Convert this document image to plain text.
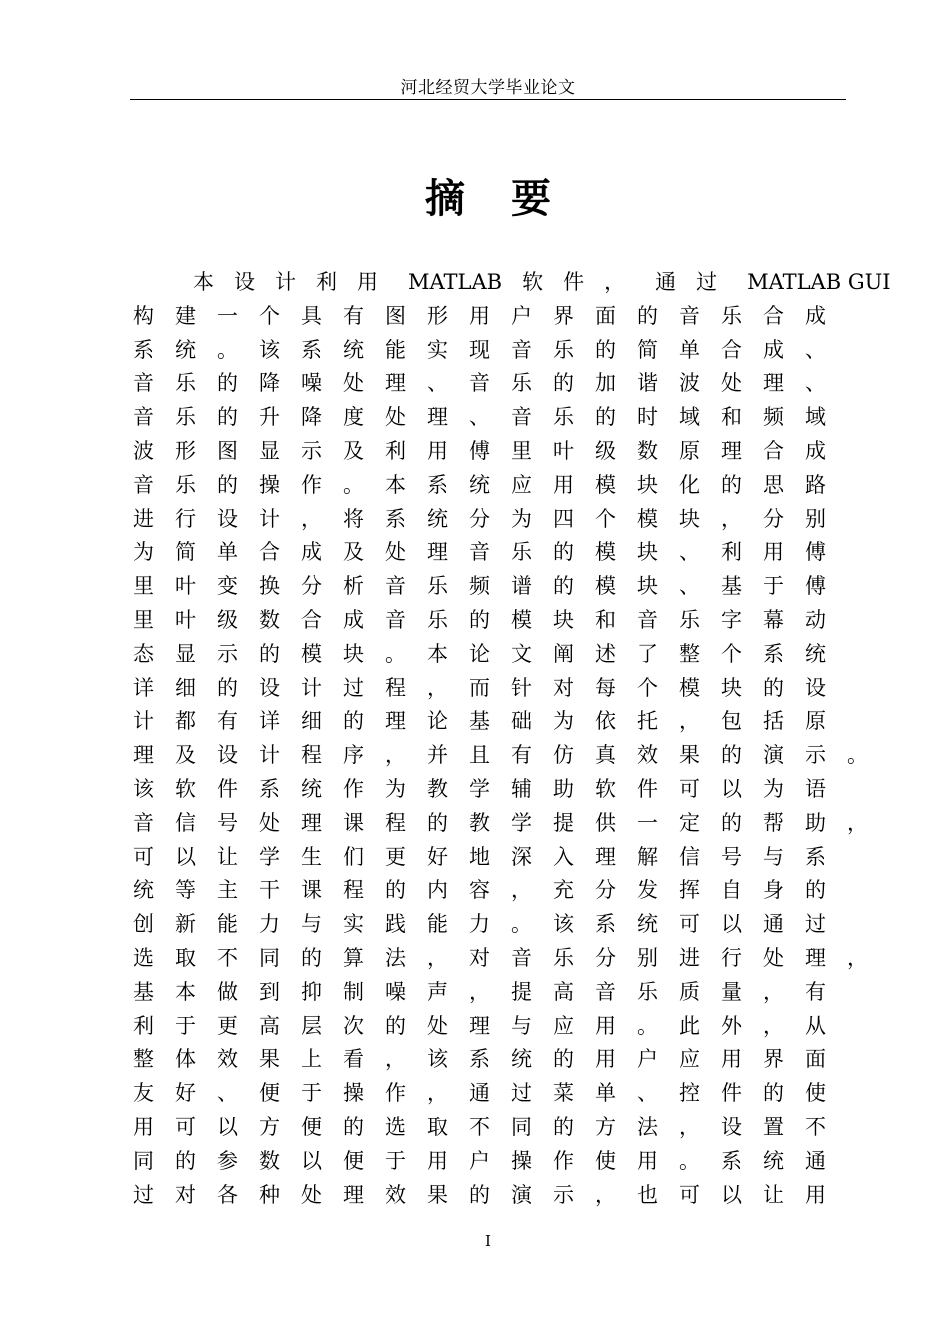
河北经贸大学毕业论文
摘 要
本 设 计 利 用 MATLAB 软 件 ， 通 过 MATLAB GUI
构	建	一	个	具	有	图	形	用	户	界	面	的	音	乐	合	成
系	统	。	该	系	统	能	实	现	音	乐	的	简	单	合	成	、
音	乐	的	降	噪	处	理	、	音	乐	的	加	谐	波	处	理	、
音	乐	的	升	降	度	处	理	、	音	乐	的	时	域	和	频	域
波	形	图	显	示	及	利	用	傅	里	叶	级	数	原	理	合	成
音	乐	的	操	作	。	本	系	统	应	用	模	块	化	的	思	路
进	行	设	计	，	将	系	统	分	为	四	个	模	块	，	分	别
为	简	单	合	成	及	处	理	音	乐	的	模	块	、	利	用	傅
里	叶	变	换	分	析	音	乐	频	谱	的	模	块	、	基	于	傅
里	叶	级	数	合	成	音	乐	的	模	块	和	音	乐	字	幕	动
态	显	示	的	模	块	。	本	论	文	阐	述	了	整	个	系	统
详	细	的	设	计	过	程	，	而	针	对	每	个	模	块	的	设
计	都	有	详	细	的	理	论	基	础	为	依	托	，	包	括	原
理	及	设	计	程	序	，	并	且	有	仿	真	效	果	的	演	示	。
该	软	件	系	统	作	为	教	学	辅	助	软	件	可	以	为	语
音	信	号	处	理	课	程	的	教	学	提	供	一	定	的	帮	助	，
可	以	让	学	生	们	更	好	地	深	入	理	解	信	号	与	系
统	等	主	干	课	程	的	内	容	，	充	分	发	挥	自	身	的
创	新	能	力	与	实	践	能	力	。	该	系	统	可	以	通	过
选	取	不	同	的	算	法	，	对	音	乐	分	别	进	行	处	理	，
基	本	做	到	抑	制	噪	声	，	提	高	音	乐	质	量	，	有
利	于	更	高	层	次	的	处	理	与	应	用	。	此	外	，	从
整	体	效	果	上	看	，	该	系	统	的	用	户	应	用	界	面
友	好	、	便	于	操	作	，	通	过	菜	单	、	控	件	的	使
用	可	以	方	便	的	选	取	不	同	的	方	法	，	设	置	不
同	的	参	数	以	便	于	用	户	操	作	使	用	。	系	统	通
过	对	各	种	处	理	效	果	的	演	示	，	也	可	以	让	用
I
